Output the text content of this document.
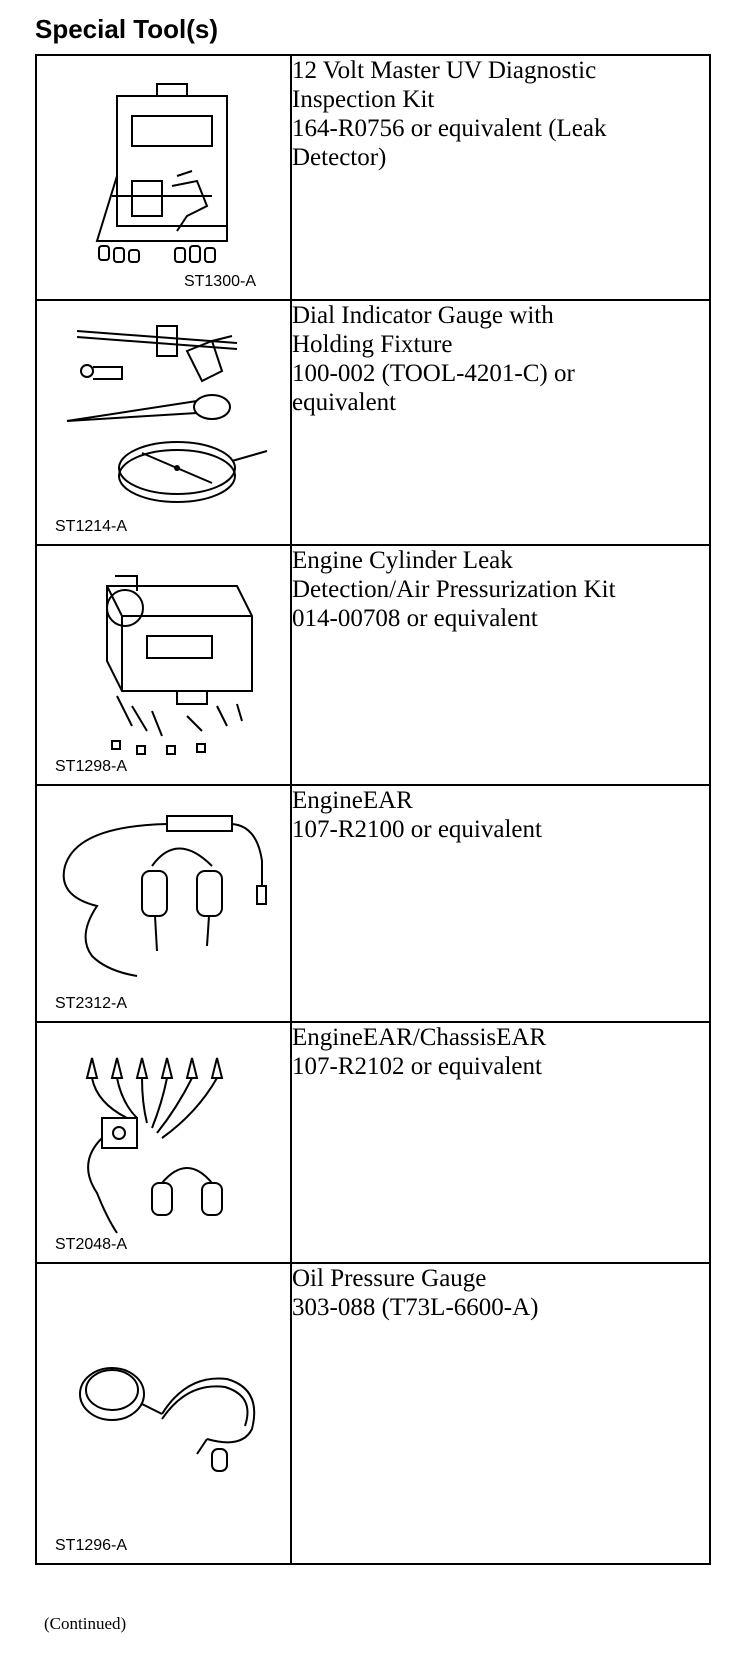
Special Tool(s)
ST1300-A	12 Volt Master UV Diagnostic
Inspection Kit
164-R0756 or equivalent (Leak
Detector)

ST1214-A	Dial Indicator Gauge with
Holding Fixture
100-002 (TOOL-4201-C) or
equivalent

ST1298-A	Engine Cylinder Leak
Detection/Air Pressurization Kit
014-00708 or equivalent

ST2312-A	EngineEAR
107-R2100 or equivalent

ST2048-A	EngineEAR/ChassisEAR
107-R2102 or equivalent

ST1296-A	Oil Pressure Gauge
303-088 (T73L-6600-A)
(Continued)
